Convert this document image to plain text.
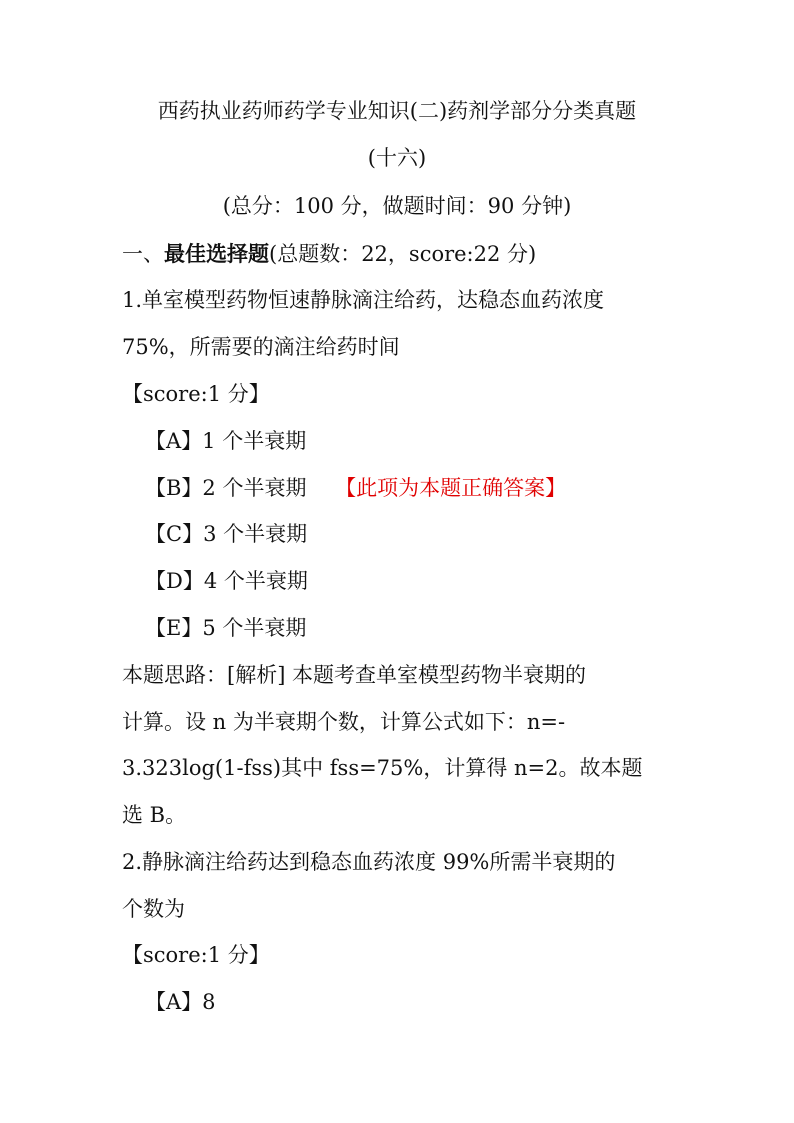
西药执业药师药学专业知识(二)药剂学部分分类真题
(十六)
(总分：100 分，做题时间：90 分钟)
一、最佳选择题(总题数：22，score:22 分)
1.单室模型药物恒速静脉滴注给药，达稳态血药浓度
75%，所需要的滴注给药时间
【score:1 分】
【A】1 个半衰期
【B】2 个半衰期 【此项为本题正确答案】
【C】3 个半衰期
【D】4 个半衰期
【E】5 个半衰期
本题思路：[解析] 本题考查单室模型药物半衰期的
计算。设 n 为半衰期个数，计算公式如下：n=-
3.323log(1-fss)其中 fss=75%，计算得 n=2。故本题
选 B。
2.静脉滴注给药达到稳态血药浓度 99%所需半衰期的
个数为
【score:1 分】
【A】8
